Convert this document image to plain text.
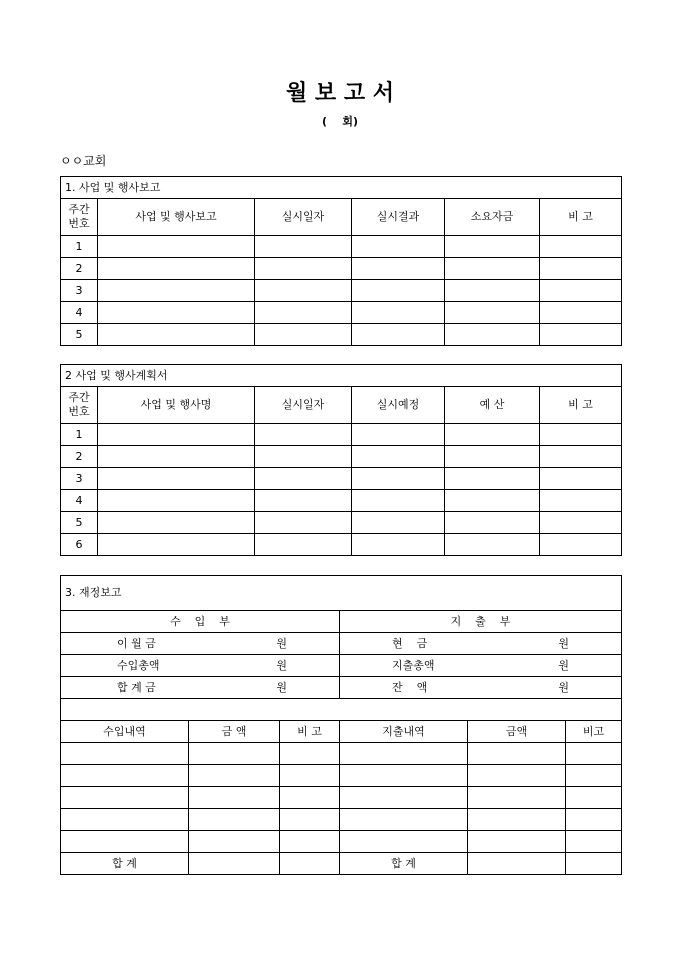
월 보 고 서
(    회)
ㅇㅇ교회
1. 사업 및 행사보고					

주간
번호	사업 및 행사보고	실시일자	실시결과	소요자금	비 고
1					
2					
3					
4					
5					
2 사업 및 행사계획서					

주간
번호	사업 및 행사명	실시일자	실시예정	예 산	비 고
1					
2					
3					
4					
5					
6					
3. 재정보고	
수    입    부	지    출    부

이 월 금 원	현    금 원

수입총액 원	지출총액 원

합 계 금 원	잔    액 원

수입내역	금 액	비 고	지출내역	금액	비고

합 계			합 계		
